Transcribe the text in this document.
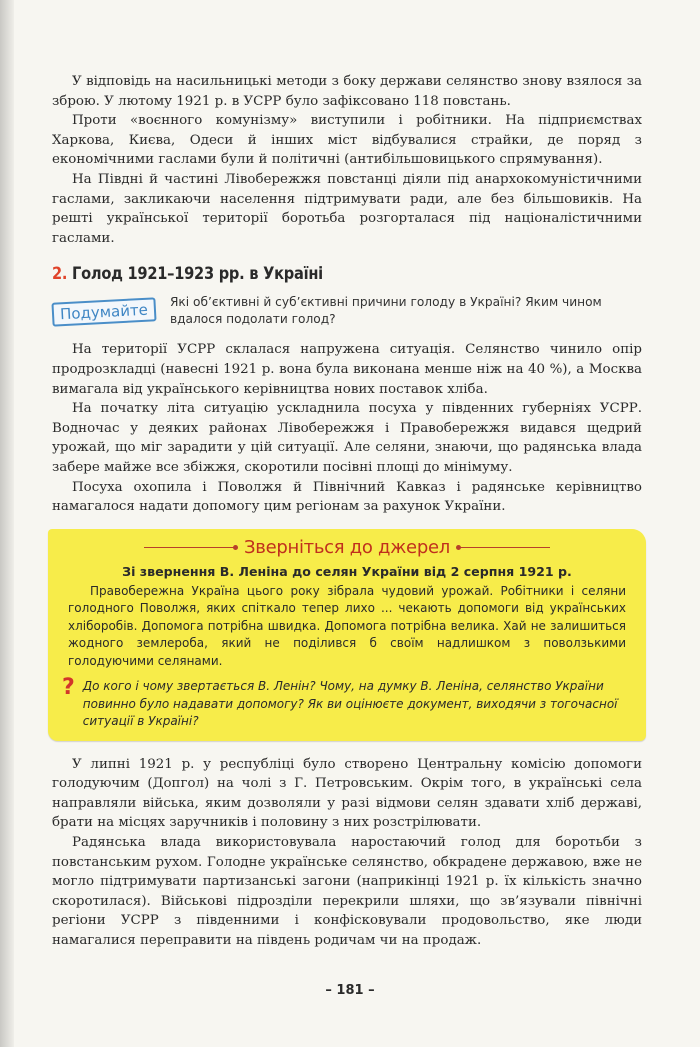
У відповідь на насильницькі методи з боку держави селянство знову взялося за зброю. У лютому 1921 р. в УСРР було зафіксовано 118 повстань.

Проти «воєнного комунізму» виступили і робітники. На підприємствах Харкова, Києва, Одеси й інших міст відбувалися страйки, де поряд з економічними гаслами були й політичні (антибільшовицького спрямування).

На Півдні й частині Лівобережжя повстанці діяли під анархокомуністичними гаслами, закликаючи населення підтримувати ради, але без більшовиків. На решті української території боротьба розгорталася під націоналістичними гаслами.

2. Голод 1921–1923 рр. в Україні
Подумайте	Які об’єктивні й суб’єктивні причини голоду в Україні? Яким чином вдалося подолати голод?

На території УСРР склалася напружена ситуація. Селянство чинило опір продрозкладці (навесні 1921 р. вона була виконана менше ніж на 40 %), а Москва вимагала від українського керівництва нових поставок хліба.

На початку літа ситуацію ускладнила посуха у південних губерніях УСРР. Водночас у деяких районах Лівобережжя і Правобережжя видався щедрий урожай, що міг зарадити у цій ситуації. Але селяни, знаючи, що радянська влада забере майже все збіжжя, скоротили посівні площі до мінімуму.

Посуха охопила і Поволжя й Північний Кавказ і радянське керівництво намагалося надати допомогу цим регіонам за рахунок України.

Зверніться до джерел
Зі звернення В. Леніна до селян України від 2 серпня 1921 р.

Правобережна Україна цього року зібрала чудовий урожай. Робітники і селяни голодного Поволжя, яких спіткало тепер лихо ... чекають допомоги від українських хліборобів. Допомога потрібна швидка. Допомога потрібна велика. Хай не залишиться жодного землероба, який не поділився б своїм надлишком з поволзькими голодуючими селянами.

? До кого і чому звертається В. Ленін? Чому, на думку В. Леніна, селянство України повинно було надавати допомогу? Як ви оцінюєте документ, виходячи з тогочасної ситуації в Україні?

У липні 1921 р. у республіці було створено Центральну комісію допомоги голодуючим (Допгол) на чолі з Г. Петровським. Окрім того, в українські села направляли війська, яким дозволяли у разі відмови селян здавати хліб державі, брати на місцях заручників і половину з них розстрілювати.

Радянська влада використовувала наростаючий голод для боротьби з повстанським рухом. Голодне українське селянство, обкрадене державою, вже не могло підтримувати партизанські загони (наприкінці 1921 р. їх кількість значно скоротилася). Військові підрозділи перекрили шляхи, що зв’язували північні регіони УСРР з південними і конфісковували продовольство, яке люди намагалися переправити на південь родичам чи на продаж.

– 181 –
